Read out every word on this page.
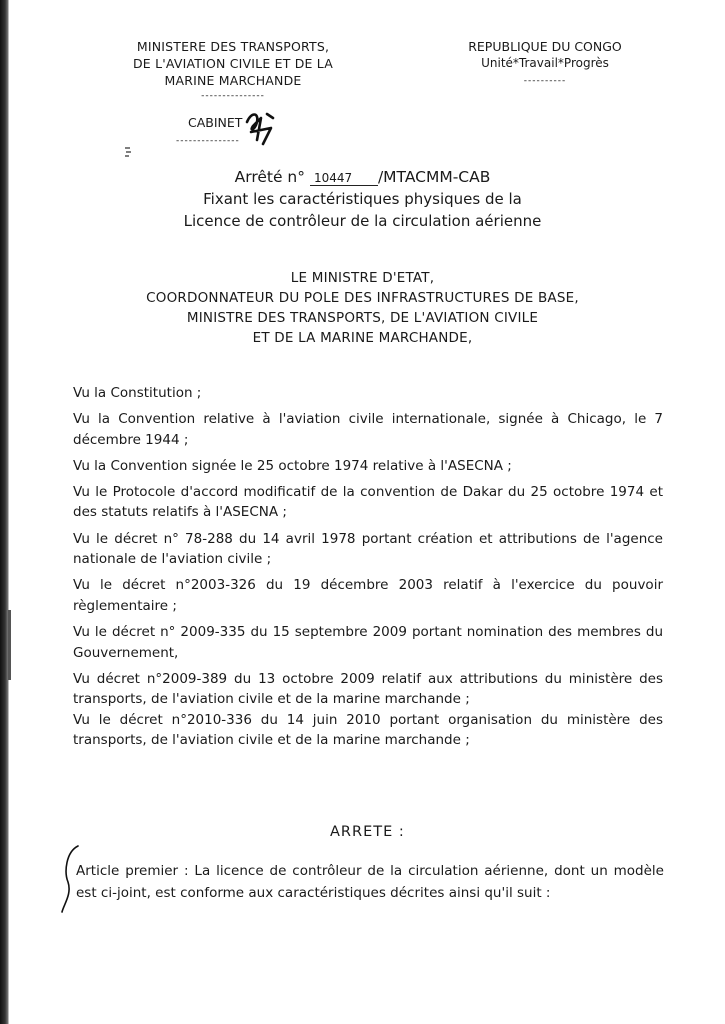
MINISTERE DES TRANSPORTS,
DE L'AVIATION CIVILE ET DE LA
MARINE MARCHANDE
---------------
REPUBLIQUE DU CONGO
Unité*Travail*Progrès
----------
CABINET
---------------
Arrêté n° 10447 /MTACMM-CAB
Fixant les caractéristiques physiques de la
Licence de contrôleur de la circulation aérienne
LE MINISTRE D'ETAT,
COORDONNATEUR DU POLE DES INFRASTRUCTURES DE BASE,
MINISTRE DES TRANSPORTS, DE L'AVIATION CIVILE
ET DE LA MARINE MARCHANDE,

Vu la Constitution ;

Vu la Convention relative à l'aviation civile internationale, signée à Chicago, le 7 décembre 1944 ;

Vu la Convention signée le 25 octobre 1974 relative à l'ASECNA ;

Vu le Protocole d'accord modificatif de la convention de Dakar du 25 octobre 1974 et des statuts relatifs à l'ASECNA ;

Vu le décret n° 78-288 du 14 avril 1978 portant création et attributions de l'agence nationale de l'aviation civile ;

Vu le décret n°2003-326 du 19 décembre 2003 relatif à l'exercice du pouvoir règlementaire ;

Vu le décret n° 2009-335 du 15 septembre 2009 portant nomination des membres du Gouvernement,

Vu décret n°2009-389 du 13 octobre 2009 relatif aux attributions du ministère des transports, de l'aviation civile et de la marine marchande ;

Vu le décret n°2010-336 du 14 juin 2010 portant organisation du ministère des transports, de l'aviation civile et de la marine marchande ;

ARRETE :
Article premier : La licence de contrôleur de la circulation aérienne, dont un modèle est ci-joint, est conforme aux caractéristiques décrites ainsi qu'il suit :
